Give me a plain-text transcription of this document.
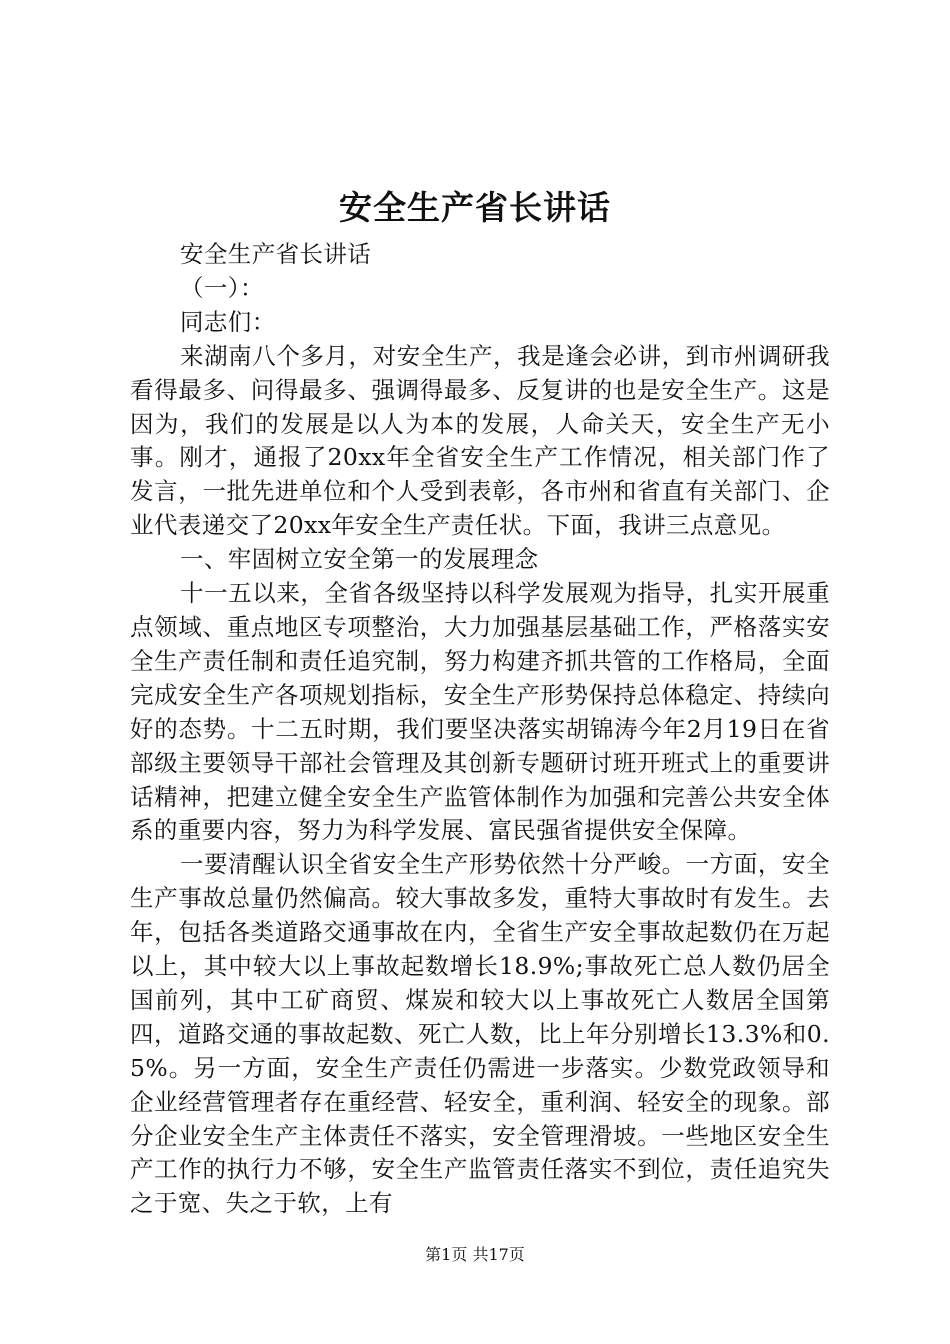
安全生产省长讲话

安全生产省长讲话

（一）：

同志们：

来湖南八个多月，对安全生产，我是逢会必讲，到市州调研我看得最多、问得最多、强调得最多、反复讲的也是安全生产。这是因为，我们的发展是以人为本的发展，人命关天，安全生产无小事。刚才，通报了20xx年全省安全生产工作情况，相关部门作了发言，一批先进单位和个人受到表彰，各市州和省直有关部门、企业代表递交了20xx年安全生产责任状。下面，我讲三点意见。

一、牢固树立安全第一的发展理念

十一五以来，全省各级坚持以科学发展观为指导，扎实开展重点领域、重点地区专项整治，大力加强基层基础工作，严格落实安全生产责任制和责任追究制，努力构建齐抓共管的工作格局，全面完成安全生产各项规划指标，安全生产形势保持总体稳定、持续向好的态势。十二五时期，我们要坚决落实胡锦涛今年2月19日在省部级主要领导干部社会管理及其创新专题研讨班开班式上的重要讲话精神，把建立健全安全生产监管体制作为加强和完善公共安全体系的重要内容，努力为科学发展、富民强省提供安全保障。

一要清醒认识全省安全生产形势依然十分严峻。一方面，安全生产事故总量仍然偏高。较大事故多发，重特大事故时有发生。去年，包括各类道路交通事故在内，全省生产安全事故起数仍在万起以上，其中较大以上事故起数增长18.9%;事故死亡总人数仍居全国前列，其中工矿商贸、煤炭和较大以上事故死亡人数居全国第四，道路交通的事故起数、死亡人数，比上年分别增长13.3%和0.5%。另一方面，安全生产责任仍需进一步落实。少数党政领导和企业经营管理者存在重经营、轻安全，重利润、轻安全的现象。部分企业安全生产主体责任不落实，安全管理滑坡。一些地区安全生产工作的执行力不够，安全生产监管责任落实不到位，责任追究失之于宽、失之于软，上有

第1页 共17页
